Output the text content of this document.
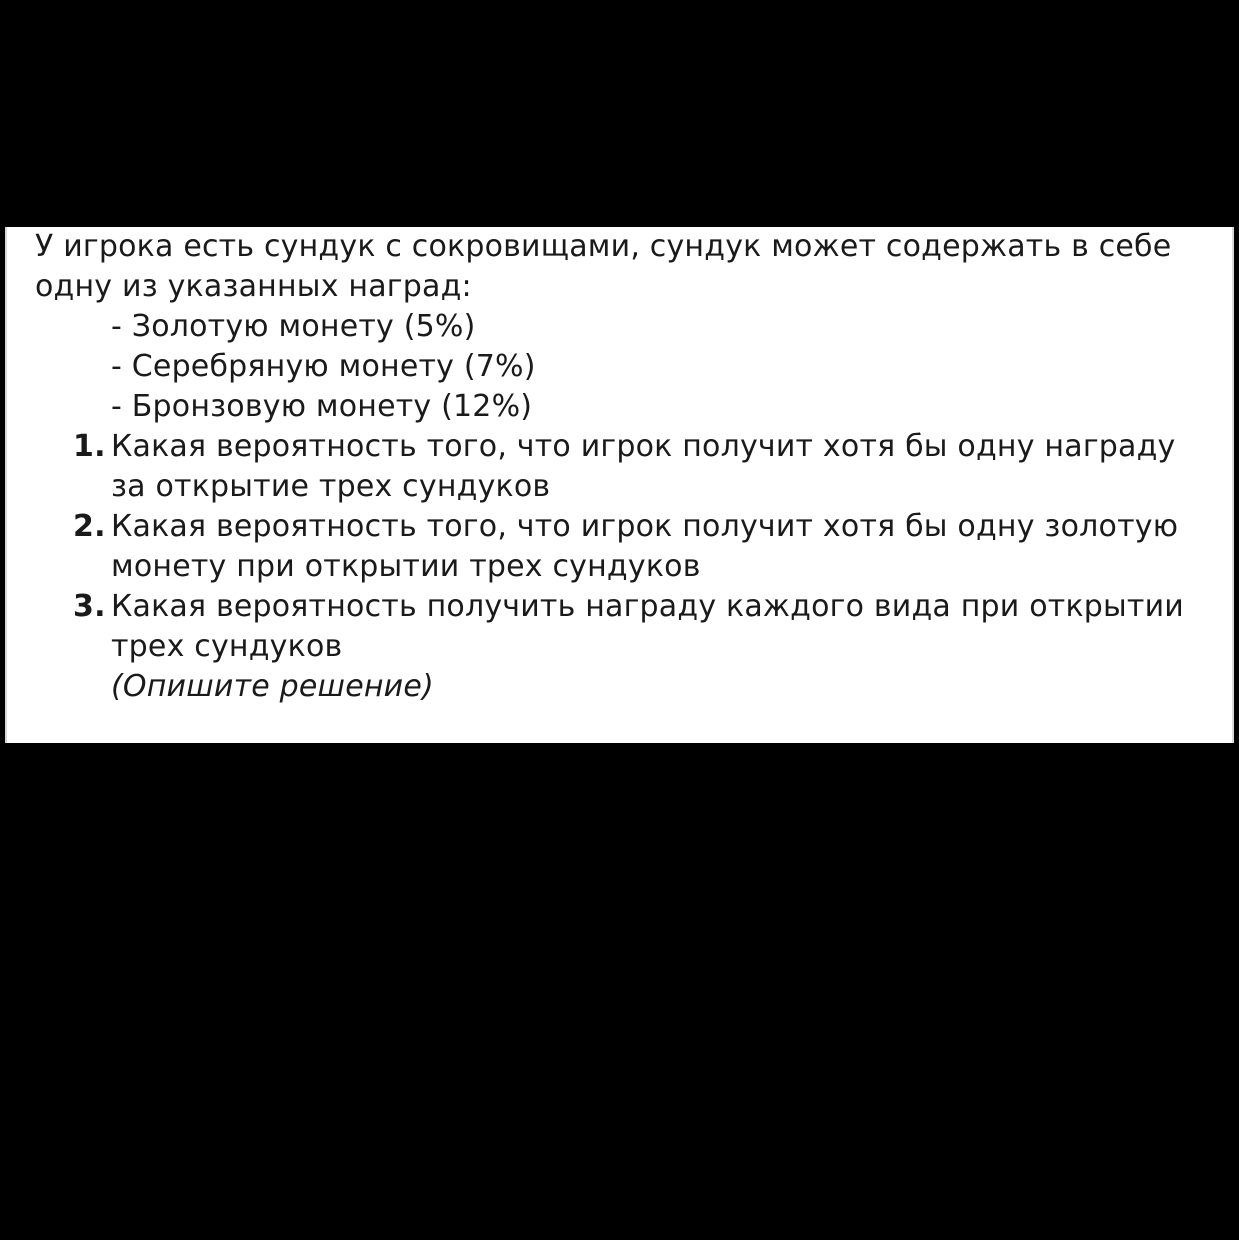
У игрока есть сундук с сокровищами, сундук может содержать в себе одну из указанных наград:

- Золотую монету (5%)
- Серебряную монету (7%)
- Бронзовую монету (12%)
1. Какая вероятность того, что игрок получит хотя бы одну награду за открытие трех сундуков
2. Какая вероятность того, что игрок получит хотя бы одну золотую монету при открытии трех сундуков
3. Какая вероятность получить награду каждого вида при открытии трех сундуков
(Опишите решение)
